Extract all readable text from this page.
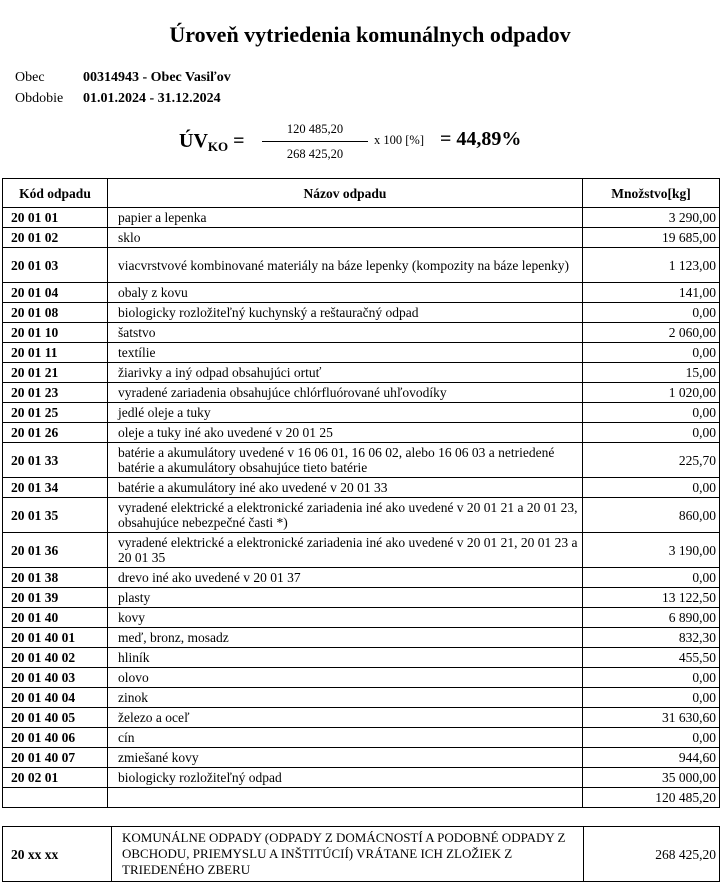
Úroveň vytriedenia komunálnych odpadov
Obec	00314943 - Obec Vasiľov
Obdobie 01.01.2024 - 31.12.2024
$ÚV_{KO}$ =
120 485,20
268 425,20
x 100 [%] = 44,89%
Kód odpadu	Názov odpadu	Množstvo[kg]
20 01 01	papier a lepenka	3 290,00
20 01 02	sklo	19 685,00
20 01 03	viacvrstvové kombinované materiály na báze lepenky (kompozity na báze lepenky)	1 123,00
20 01 04	obaly z kovu	141,00
20 01 08	biologicky rozložiteľný kuchynský a reštauračný odpad	0,00
20 01 10	šatstvo	2 060,00
20 01 11	textílie	0,00
20 01 21	žiarivky a iný odpad obsahujúci ortuť	15,00
20 01 23	vyradené zariadenia obsahujúce chlórfluórované uhľovodíky	1 020,00
20 01 25	jedlé oleje a tuky	0,00
20 01 26	oleje a tuky iné ako uvedené v 20 01 25	0,00
20 01 33	batérie a akumulátory uvedené v 16 06 01, 16 06 02, alebo 16 06 03 a netriedené batérie a akumulátory obsahujúce tieto batérie	225,70
20 01 34	batérie a akumulátory iné ako uvedené v 20 01 33	0,00
20 01 35	vyradené elektrické a elektronické zariadenia iné ako uvedené v 20 01 21 a 20 01 23, obsahujúce nebezpečné časti *)	860,00
20 01 36	vyradené elektrické a elektronické zariadenia iné ako uvedené v 20 01 21, 20 01 23 a 20 01 35	3 190,00
20 01 38	drevo iné ako uvedené v 20 01 37	0,00
20 01 39	plasty	13 122,50
20 01 40	kovy	6 890,00
20 01 40 01	meď, bronz, mosadz	832,30
20 01 40 02	hliník	455,50
20 01 40 03	olovo	0,00
20 01 40 04	zinok	0,00
20 01 40 05	železo a oceľ	31 630,60
20 01 40 06	cín	0,00
20 01 40 07	zmiešané kovy	944,60
20 02 01	biologicky rozložiteľný odpad	35 000,00
		120 485,20
20 xx xx	KOMUNÁLNE ODPADY (ODPADY Z DOMÁCNOSTÍ A PODOBNÉ ODPADY Z OBCHODU, PRIEMYSLU A INŠTITÚCIÍ) VRÁTANE ICH ZLOŽIEK Z TRIEDENÉHO ZBERU	268 425,20
